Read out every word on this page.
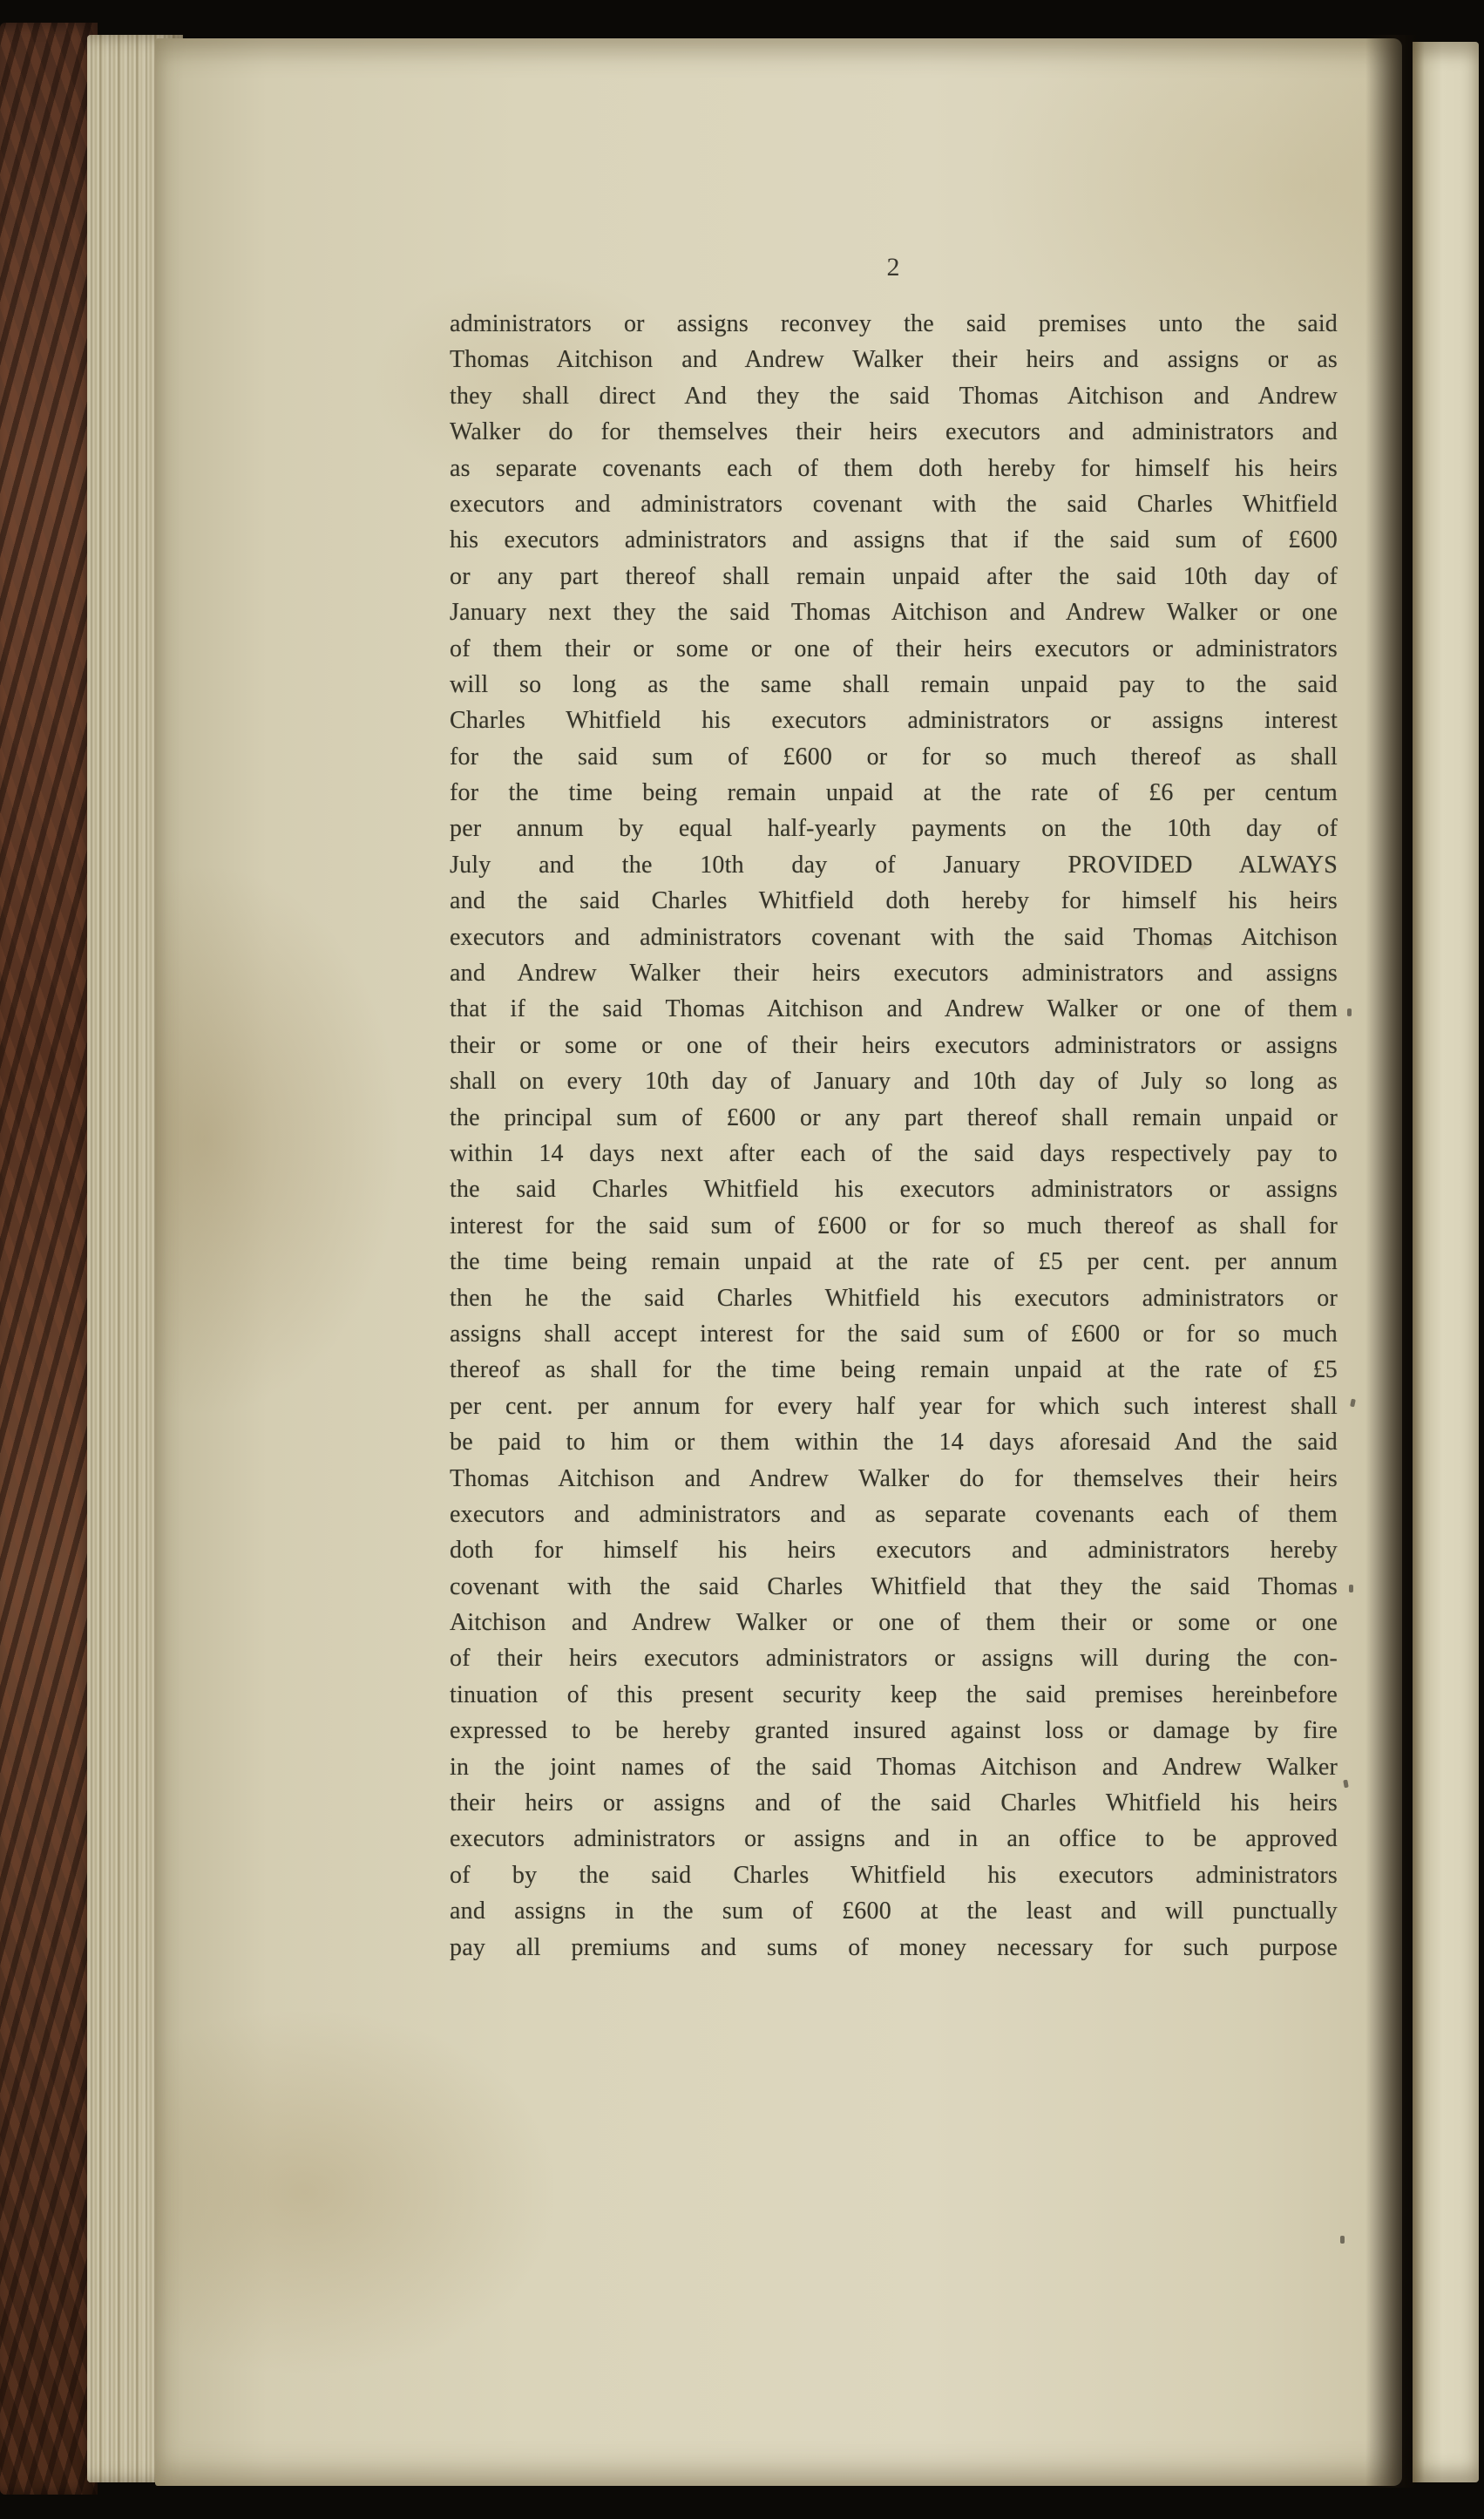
2
administrators or assigns reconvey the said premises unto the said
Thomas Aitchison and Andrew Walker their heirs and assigns or as
they shall direct And they the said Thomas Aitchison and Andrew
Walker do for themselves their heirs executors and administrators and
as separate covenants each of them doth hereby for himself his heirs
executors and administrators covenant with the said Charles Whitfield
his executors administrators and assigns that if the said sum of £600
or any part thereof shall remain unpaid after the said 10th day of
January next they the said Thomas Aitchison and Andrew Walker or one
of them their or some or one of their heirs executors or administrators
will so long as the same shall remain unpaid pay to the said
Charles Whitfield his executors administrators or assigns interest
for the said sum of £600 or for so much thereof as shall
for the time being remain unpaid at the rate of £6 per centum
per annum by equal half-yearly payments on the 10th day of
July and the 10th day of January PROVIDED ALWAYS
and the said Charles Whitfield doth hereby for himself his heirs
executors and administrators covenant with the said Thomas Aitchison
and Andrew Walker their heirs executors administrators and assigns
that if the said Thomas Aitchison and Andrew Walker or one of them
their or some or one of their heirs executors administrators or assigns
shall on every 10th day of January and 10th day of July so long as
the principal sum of £600 or any part thereof shall remain unpaid or
within 14 days next after each of the said days respectively pay to
the said Charles Whitfield his executors administrators or assigns
interest for the said sum of £600 or for so much thereof as shall for
the time being remain unpaid at the rate of £5 per cent. per annum
then he the said Charles Whitfield his executors administrators or
assigns shall accept interest for the said sum of £600 or for so much
thereof as shall for the time being remain unpaid at the rate of £5
per cent. per annum for every half year for which such interest shall
be paid to him or them within the 14 days aforesaid And the said
Thomas Aitchison and Andrew Walker do for themselves their heirs
executors and administrators and as separate covenants each of them
doth for himself his heirs executors and administrators hereby
covenant with the said Charles Whitfield that they the said Thomas
Aitchison and Andrew Walker or one of them their or some or one
of their heirs executors administrators or assigns will during the con-
tinuation of this present security keep the said premises hereinbefore
expressed to be hereby granted insured against loss or damage by fire
in the joint names of the said Thomas Aitchison and Andrew Walker
their heirs or assigns and of the said Charles Whitfield his heirs
executors administrators or assigns and in an office to be approved
of by the said Charles Whitfield his executors administrators
and assigns in the sum of £600 at the least and will punctually
pay all premiums and sums of money necessary for such purpose
